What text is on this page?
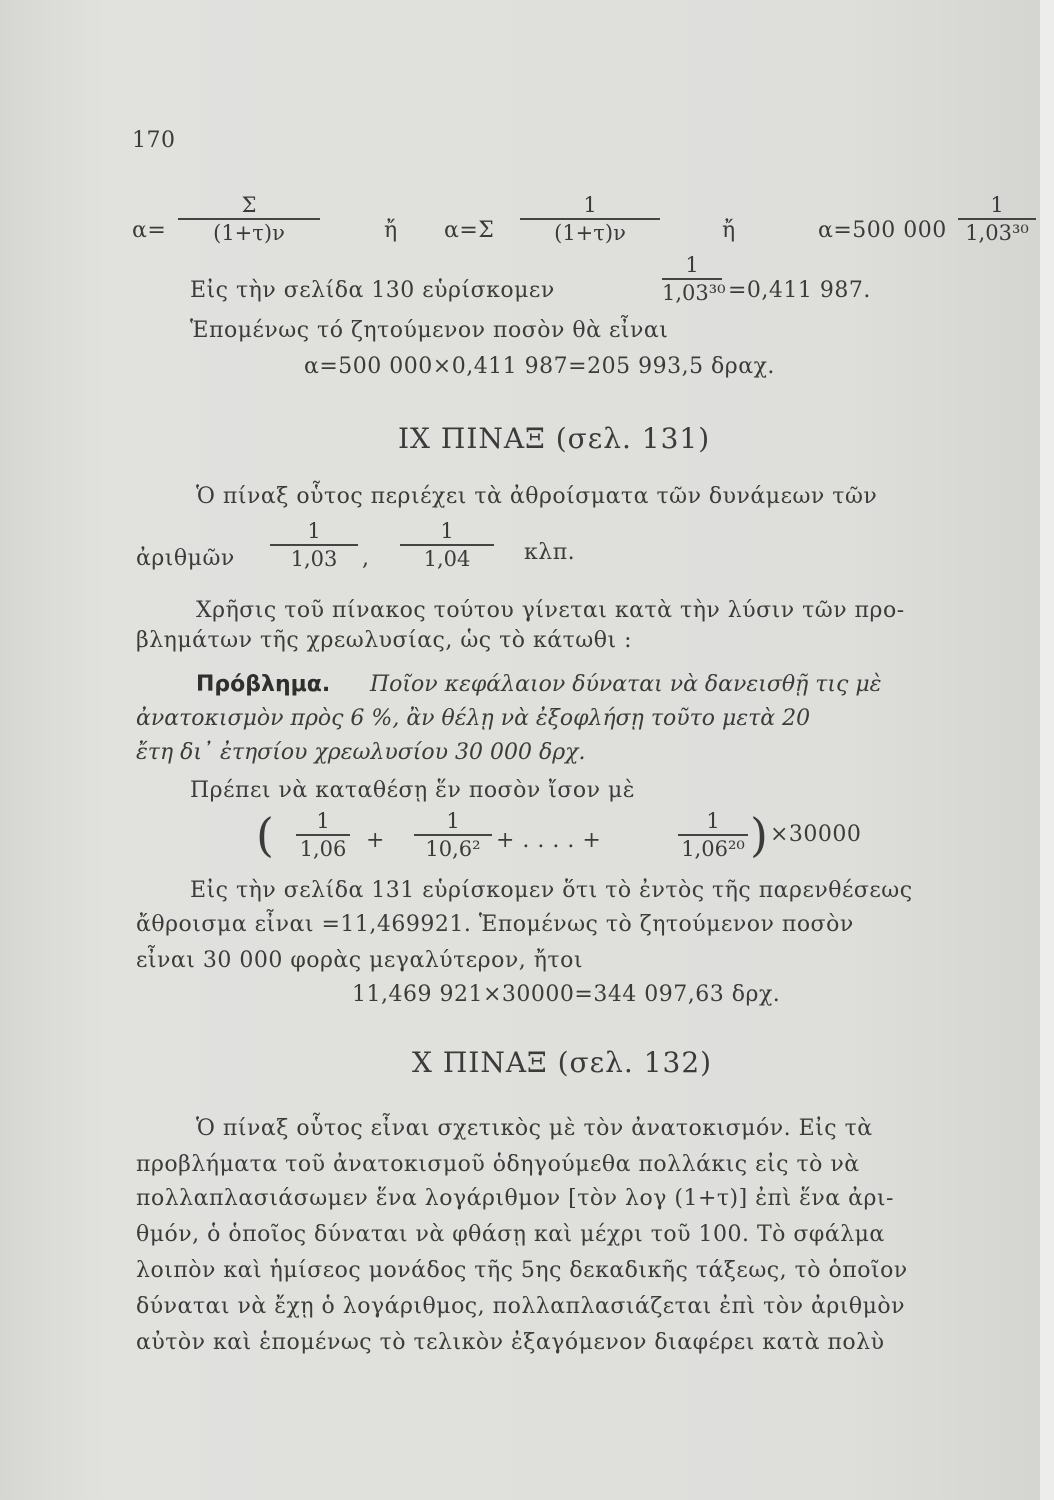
170
α=
Σ
(1+τ)ν	ἤ α=Σ
1
(1+τ)ν	ἤ	α=500 000
1
1,03³⁰
Εἰς τὴν σελίδα 130 εὑρίσκομεν
1
1,03³⁰ =0,411 987.
Ἑπομένως τό ζητούμενον ποσὸν θὰ εἶναι
α=500 000×0,411 987=205 993,5 δραχ.
IX ΠΙΝΑΞ (σελ. 131)
Ὁ πίναξ οὗτος περιέχει τὰ ἀθροίσματα τῶν δυνάμεων τῶν
ἀριθμῶν
1
1,03	,
1
1,04	κλπ.
Χρῆσις τοῦ πίνακος τούτου γίνεται κατὰ τὴν λύσιν τῶν προ-
βλημάτων τῆς χρεωλυσίας, ὡς τὸ κάτωθι :
Πρόβλημα. Ποῖον κεφάλαιον δύναται νὰ δανεισθῇ τις μὲ
ἀνατοκισμὸν πρὸς 6 %, ἂν θέλῃ νὰ ἐξοφλήσῃ τοῦτο μετὰ 20
ἔτη δι᾽ ἐτησίου χρεωλυσίου 30 000 δρχ.
Πρέπει νὰ καταθέσῃ ἕν ποσὸν ἴσον μὲ
(	1
1,06 +
1
10,6² + . . . . +
1
1,06²⁰ ) ×30000
Εἰς τὴν σελίδα 131 εὑρίσκομεν ὅτι τὸ ἐντὸς τῆς παρενθέσεως
ἄθροισμα εἶναι =11,469921. Ἑπομένως τὸ ζητούμενον ποσὸν
εἶναι 30 000 φορὰς μεγαλύτερον, ἤτοι
11,469 921×30000=344 097,63 δρχ.
X ΠΙΝΑΞ (σελ. 132)
Ὁ πίναξ οὗτος εἶναι σχετικὸς μὲ τὸν ἀνατοκισμόν. Εἰς τὰ
προβλήματα τοῦ ἀνατοκισμοῦ ὁδηγούμεθα πολλάκις εἰς τὸ νὰ
πολλαπλασιάσωμεν ἕνα λογάριθμον [τὸν λογ (1+τ)] ἐπὶ ἕνα ἀρι-
θμόν, ὁ ὁποῖος δύναται νὰ φθάσῃ καὶ μέχρι τοῦ 100. Τὸ σφάλμα
λοιπὸν καὶ ἡμίσεος μονάδος τῆς 5ης δεκαδικῆς τάξεως, τὸ ὁποῖον
δύναται νὰ ἔχῃ ὁ λογάριθμος, πολλαπλασιάζεται ἐπὶ τὸν ἀριθμὸν
αὐτὸν καὶ ἑπομένως τὸ τελικὸν ἐξαγόμενον διαφέρει κατὰ πολὺ
